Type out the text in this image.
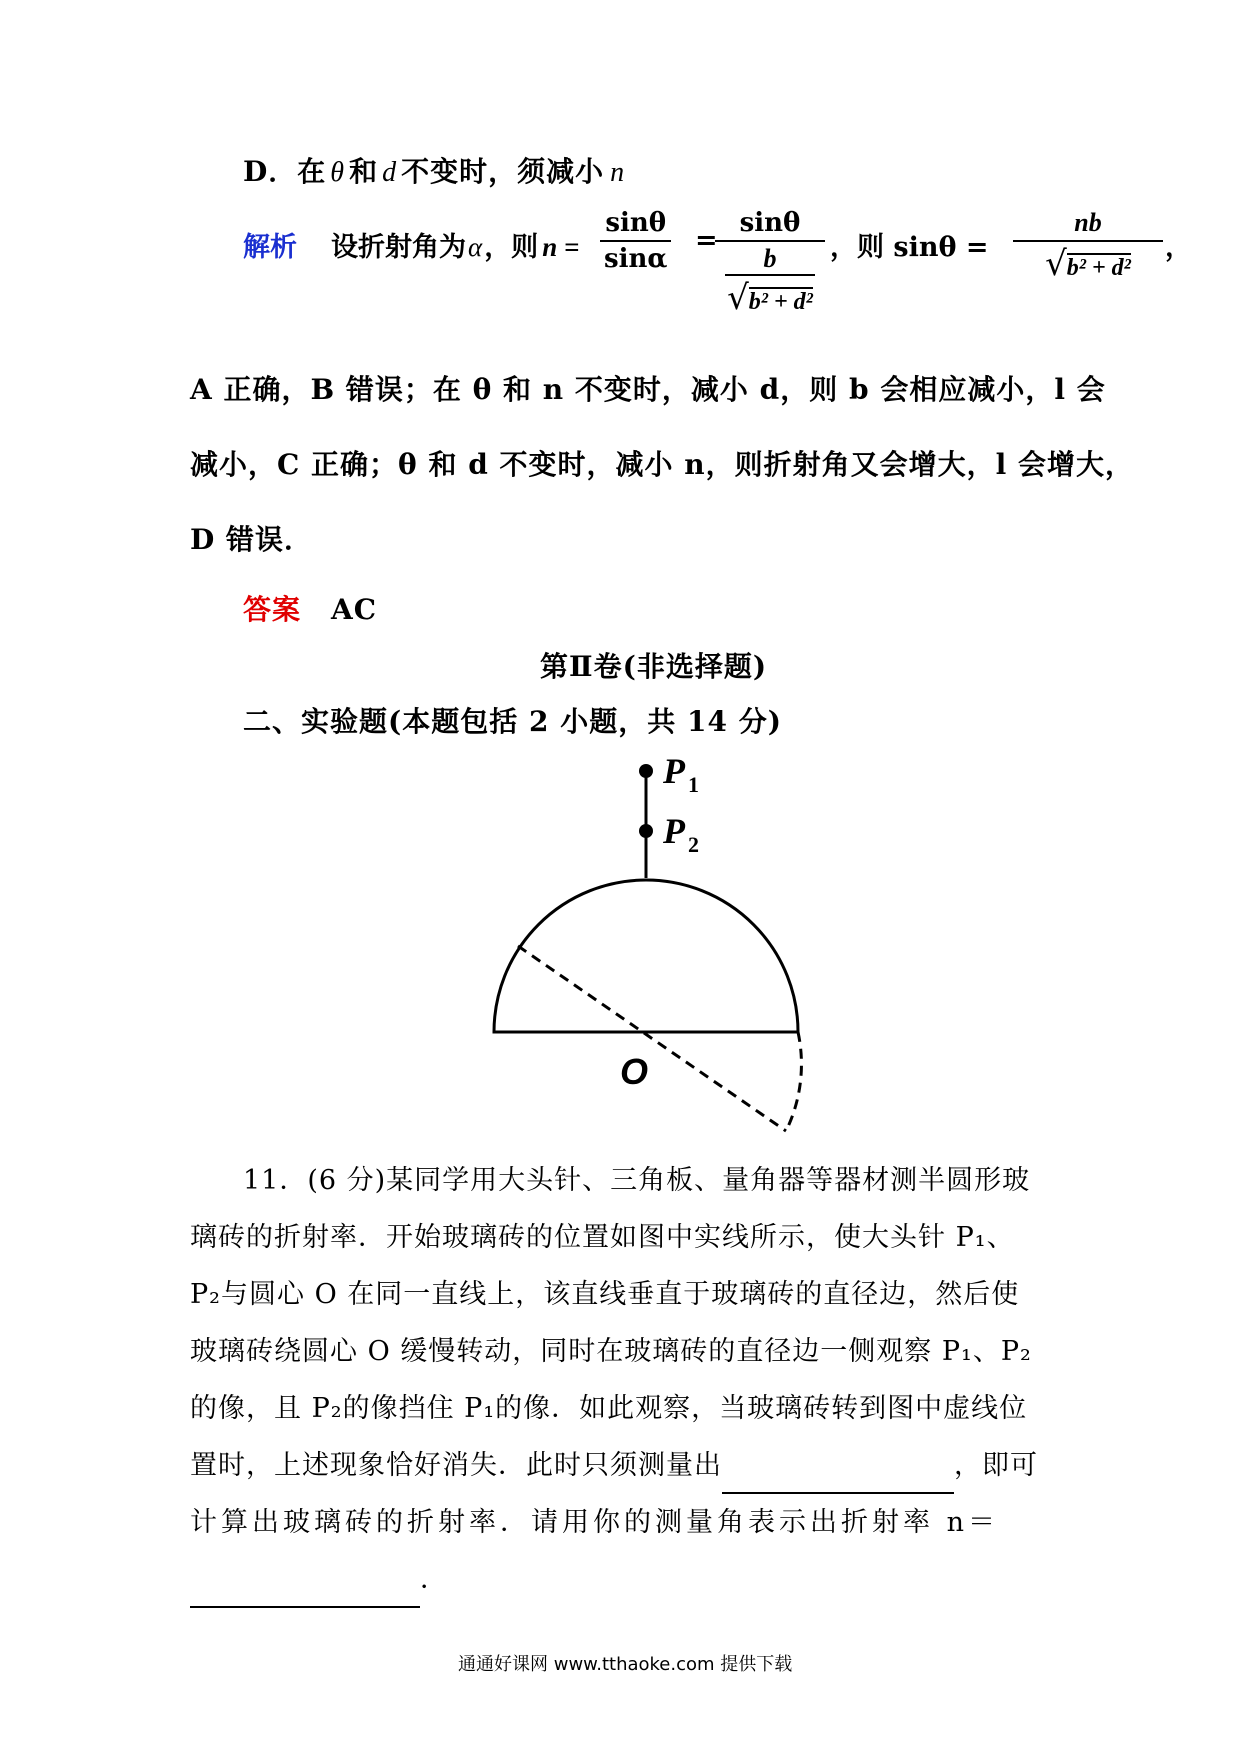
D．在 θ 和 d 不变时，须减小 n
解析 设折射角为α，则 $n = \frac{\sin\theta}{\sin\alpha}$ =
sinθ
b
√b² + d² ，则 $\sin\theta = \frac{nb}{\text{√b² + d²}}$ ，
A 正确，B 错误；在 θ 和 n 不变时，减小 d，则 b 会相应减小，l 会
减小，C 正确；θ 和 d 不变时，减小 n，则折射角又会增大，l 会增大，
D 错误．
答案 AC
第Ⅱ卷(非选择题)
二、实验题(本题包括 2 小题，共 14 分)
P 1
P 2
O
11．(6 分)某同学用大头针、三角板、量角器等器材测半圆形玻
璃砖的折射率．开始玻璃砖的位置如图中实线所示，使大头针 P₁、
P₂与圆心 O 在同一直线上，该直线垂直于玻璃砖的直径边，然后使
玻璃砖绕圆心 O 缓慢转动，同时在玻璃砖的直径边一侧观察 P₁、P₂
的像，且 P₂的像挡住 P₁的像．如此观察，当玻璃砖转到图中虚线位
置时，上述现象恰好消失．此时只须测量出	，即可
计算出玻璃砖的折射率．请用你的测量角表示出折射率 n＝
．
通通好课网 www.tthaoke.com 提供下载
